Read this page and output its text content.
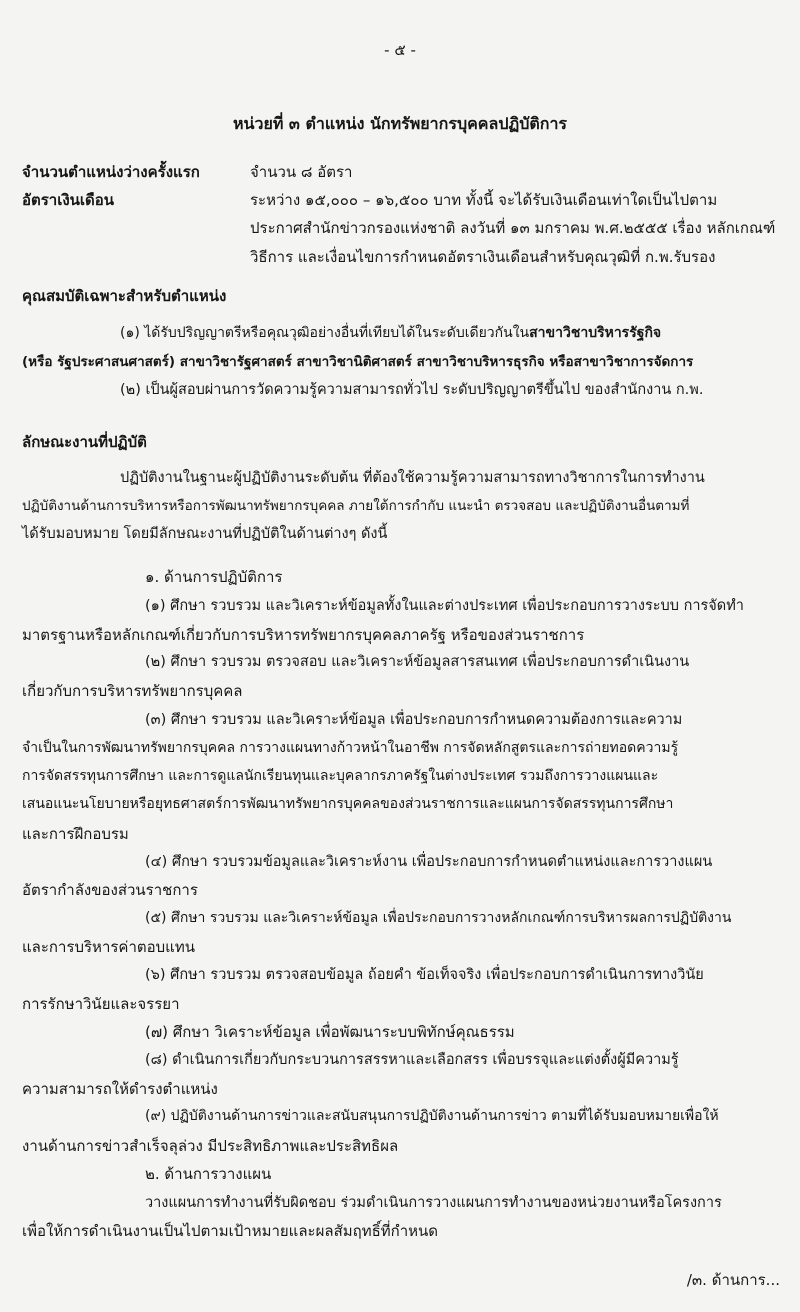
- ๕ -
หน่วยที่ ๓ ตำแหน่ง นักทรัพยากรบุคคลปฏิบัติการ
จำนวนตำแหน่งว่างครั้งแรก	จำนวน ๘ อัตรา
อัตราเงินเดือน	ระหว่าง ๑๕,๐๐๐ – ๑๖,๕๐๐ บาท ทั้งนี้ จะได้รับเงินเดือนเท่าใดเป็นไปตาม
ประกาศสำนักข่าวกรองแห่งชาติ ลงวันที่ ๑๓ มกราคม พ.ศ.๒๕๕๕ เรื่อง หลักเกณฑ์
วิธีการ และเงื่อนไขการกำหนดอัตราเงินเดือนสำหรับคุณวุฒิที่ ก.พ.รับรอง
คุณสมบัติเฉพาะสำหรับตำแหน่ง
(๑) ได้รับปริญญาตรีหรือคุณวุฒิอย่างอื่นที่เทียบได้ในระดับเดียวกันในสาขาวิชาบริหารรัฐกิจ
(หรือ รัฐประศาสนศาสตร์) สาขาวิชารัฐศาสตร์ สาขาวิชานิติศาสตร์ สาขาวิชาบริหารธุรกิจ หรือสาขาวิชาการจัดการ
(๒) เป็นผู้สอบผ่านการวัดความรู้ความสามารถทั่วไป ระดับปริญญาตรีขึ้นไป ของสำนักงาน ก.พ.
ลักษณะงานที่ปฏิบัติ
ปฏิบัติงานในฐานะผู้ปฏิบัติงานระดับต้น ที่ต้องใช้ความรู้ความสามารถทางวิชาการในการทำงาน
ปฏิบัติงานด้านการบริหารหรือการพัฒนาทรัพยากรบุคคล ภายใต้การกำกับ แนะนำ ตรวจสอบ และปฏิบัติงานอื่นตามที่
ได้รับมอบหมาย โดยมีลักษณะงานที่ปฏิบัติในด้านต่างๆ ดังนี้
๑. ด้านการปฏิบัติการ
(๑) ศึกษา รวบรวม และวิเคราะห์ข้อมูลทั้งในและต่างประเทศ เพื่อประกอบการวางระบบ การจัดทำ
มาตรฐานหรือหลักเกณฑ์เกี่ยวกับการบริหารทรัพยากรบุคคลภาครัฐ หรือของส่วนราชการ
(๒) ศึกษา รวบรวม ตรวจสอบ และวิเคราะห์ข้อมูลสารสนเทศ เพื่อประกอบการดำเนินงาน
เกี่ยวกับการบริหารทรัพยากรบุคคล
(๓) ศึกษา รวบรวม และวิเคราะห์ข้อมูล เพื่อประกอบการกำหนดความต้องการและความ
จำเป็นในการพัฒนาทรัพยากรบุคคล การวางแผนทางก้าวหน้าในอาชีพ การจัดหลักสูตรและการถ่ายทอดความรู้
การจัดสรรทุนการศึกษา และการดูแลนักเรียนทุนและบุคลากรภาครัฐในต่างประเทศ รวมถึงการวางแผนและ
เสนอแนะนโยบายหรือยุทธศาสตร์การพัฒนาทรัพยากรบุคคลของส่วนราชการและแผนการจัดสรรทุนการศึกษา
และการฝึกอบรม
(๔) ศึกษา รวบรวมข้อมูลและวิเคราะห์งาน เพื่อประกอบการกำหนดตำแหน่งและการวางแผน
อัตรากำลังของส่วนราชการ
(๕) ศึกษา รวบรวม และวิเคราะห์ข้อมูล เพื่อประกอบการวางหลักเกณฑ์การบริหารผลการปฏิบัติงาน
และการบริหารค่าตอบแทน
(๖) ศึกษา รวบรวม ตรวจสอบข้อมูล ถ้อยคำ ข้อเท็จจริง เพื่อประกอบการดำเนินการทางวินัย
การรักษาวินัยและจรรยา
(๗) ศึกษา วิเคราะห์ข้อมูล เพื่อพัฒนาระบบพิทักษ์คุณธรรม
(๘) ดำเนินการเกี่ยวกับกระบวนการสรรหาและเลือกสรร เพื่อบรรจุและแต่งตั้งผู้มีความรู้
ความสามารถให้ดำรงตำแหน่ง
(๙) ปฏิบัติงานด้านการข่าวและสนับสนุนการปฏิบัติงานด้านการข่าว ตามที่ได้รับมอบหมายเพื่อให้
งานด้านการข่าวสำเร็จลุล่วง มีประสิทธิภาพและประสิทธิผล
๒. ด้านการวางแผน
วางแผนการทำงานที่รับผิดชอบ ร่วมดำเนินการวางแผนการทำงานของหน่วยงานหรือโครงการ
เพื่อให้การดำเนินงานเป็นไปตามเป้าหมายและผลสัมฤทธิ์ที่กำหนด
/๓. ด้านการ...
